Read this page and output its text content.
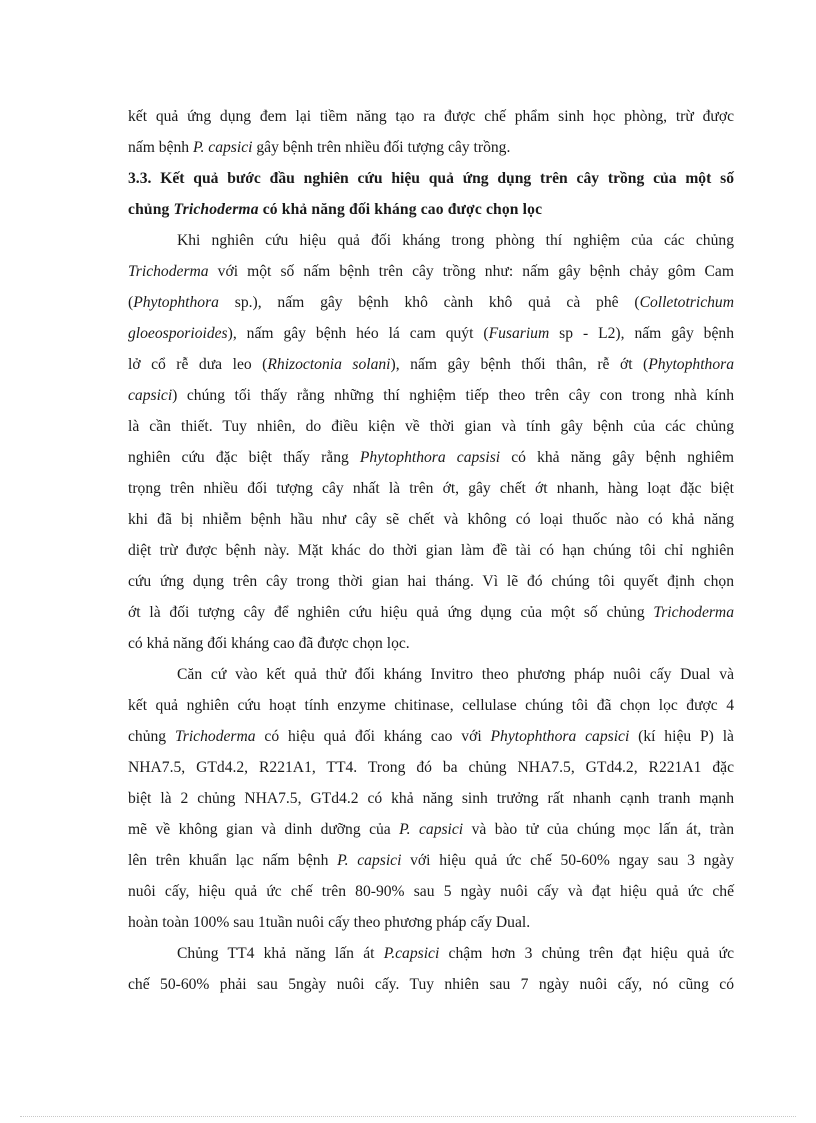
kết quả ứng dụng đem lại tiềm năng tạo ra được chế phẩm sinh học phòng, trừ được
nấm bệnh P. capsici gây bệnh trên nhiều đối tượng cây trồng.
3.3. Kết quả bước đầu nghiên cứu hiệu quả ứng dụng trên cây trồng của một số
chủng Trichoderma có khả năng đối kháng cao được chọn lọc
Khi nghiên cứu hiệu quả đối kháng trong phòng thí nghiệm của các chủng
Trichoderma với một số nấm bệnh trên cây trồng như: nấm gây bệnh chảy gôm Cam
(Phytophthora sp.), nấm gây bệnh khô cành khô quả cà phê (Colletotrichum
gloeosporioides), nấm gây bệnh héo lá cam quýt (Fusarium sp - L2), nấm gây bệnh
lở cổ rễ dưa leo (Rhizoctonia solani), nấm gây bệnh thối thân, rễ ớt (Phytophthora
capsici) chúng tối thấy rằng những thí nghiệm tiếp theo trên cây con trong nhà kính
là cần thiết. Tuy nhiên, do điều kiện về thời gian và tính gây bệnh của các chủng
nghiên cứu đặc biệt thấy rằng Phytophthora capsisi có khả năng gây bệnh nghiêm
trọng trên nhiều đối tượng cây nhất là trên ớt, gây chết ớt nhanh, hàng loạt đặc biệt
khi đã bị nhiễm bệnh hầu như cây sẽ chết và không có loại thuốc nào có khả năng
diệt trừ được bệnh này. Mặt khác do thời gian làm đề tài có hạn chúng tôi chỉ nghiên
cứu ứng dụng trên cây trong thời gian hai tháng. Vì lẽ đó chúng tôi quyết định chọn
ớt là đối tượng cây để nghiên cứu hiệu quả ứng dụng của một số chủng Trichoderma
có khả năng đối kháng cao đã được chọn lọc.
Căn cứ vào kết quả thử đối kháng Invitro theo phương pháp nuôi cấy Dual và
kết quả nghiên cứu hoạt tính enzyme chitinase, cellulase chúng tôi đã chọn lọc được 4
chủng Trichoderma có hiệu quả đối kháng cao với Phytophthora capsici (kí hiệu P) là
NHA7.5, GTd4.2, R221A1, TT4. Trong đó ba chủng NHA7.5, GTd4.2, R221A1 đặc
biệt là 2 chủng NHA7.5, GTd4.2 có khả năng sinh trưởng rất nhanh cạnh tranh mạnh
mẽ về không gian và dinh dưỡng của P. capsici và bào tử của chúng mọc lấn át, tràn
lên trên khuẩn lạc nấm bệnh P. capsici với hiệu quả ức chế 50-60% ngay sau 3 ngày
nuôi cấy, hiệu quả ức chế trên 80-90% sau 5 ngày nuôi cấy và đạt hiệu quả ức chế
hoàn toàn 100% sau 1tuần nuôi cấy theo phương pháp cấy Dual.
Chủng TT4 khả năng lấn át P.capsici chậm hơn 3 chủng trên đạt hiệu quả ức
chế 50-60% phải sau 5ngày nuôi cấy. Tuy nhiên sau 7 ngày nuôi cấy, nó cũng có
